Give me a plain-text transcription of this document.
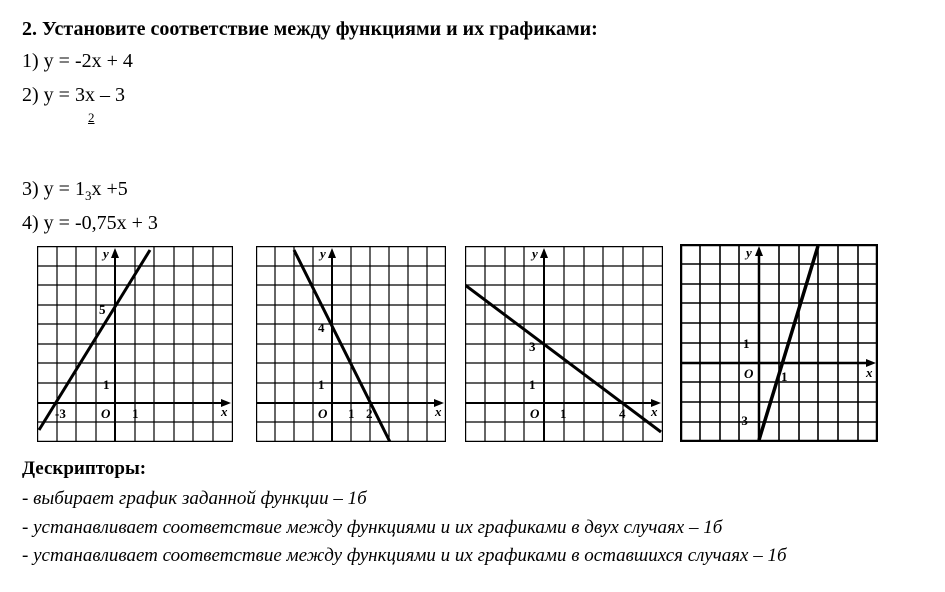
2. Установите соответствие между функциями и их графиками:
1) y = -2x + 4
2) y = 3x – 3
2
3) $y = 1_3x +5$
4) y = -0,75x + 3
y
x
O
5
1
-3	1
y
x
O
4
1
1 2
y
x
O
3
1
1	4
y
x
O
1
1
-3
Дескрипторы:
- выбирает график заданной функции – 1б
- устанавливает соответствие между функциями и их графиками в двух случаях – 1б
- устанавливает соответствие между функциями и их графиками в оставшихся случаях – 1б
